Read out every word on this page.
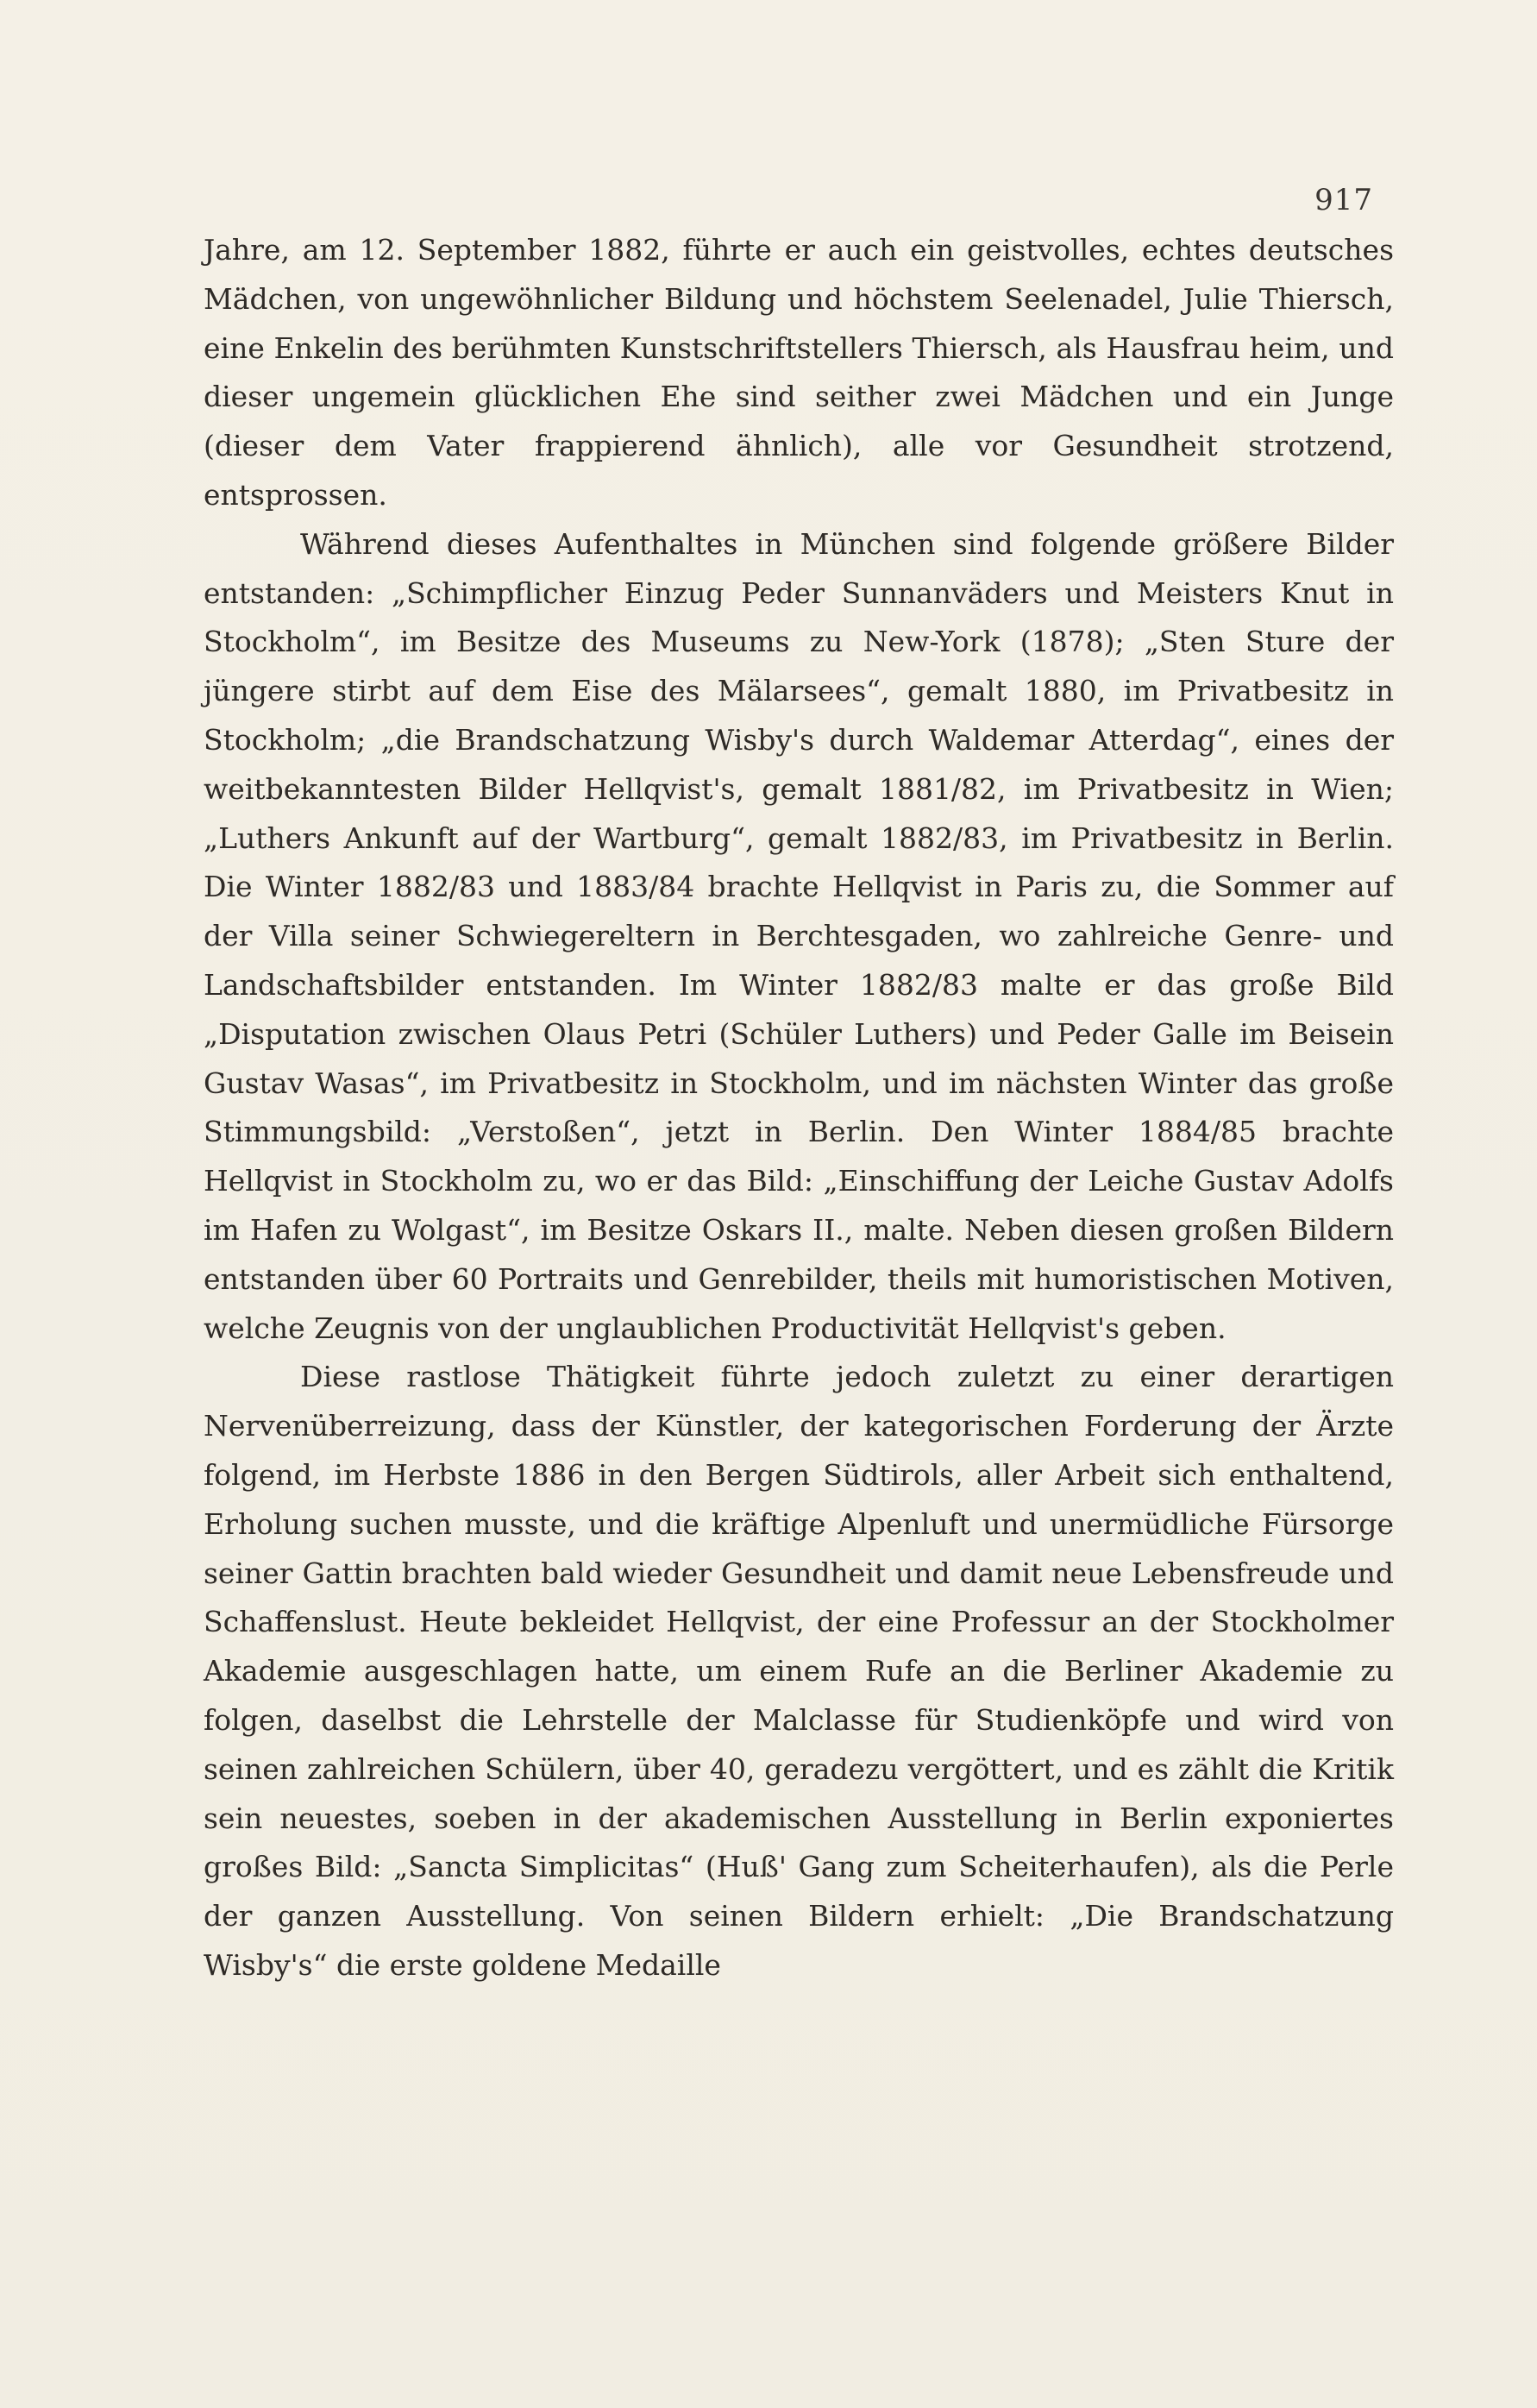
917

Jahre, am 12. September 1882, führte er auch ein geistvolles, echtes deutsches Mädchen, von ungewöhnlicher Bildung und höchstem Seelenadel, Julie Thiersch, eine Enkelin des berühmten Kunstschriftstellers Thiersch, als Hausfrau heim, und dieser ungemein glücklichen Ehe sind seither zwei Mädchen und ein Junge (dieser dem Vater frappierend ähnlich), alle vor Gesundheit strotzend, entsprossen.

Während dieses Aufenthaltes in München sind folgende größere Bilder entstanden: „Schimpflicher Einzug Peder Sunnanväders und Meisters Knut in Stockholm“, im Besitze des Museums zu New-York (1878); „Sten Sture der jüngere stirbt auf dem Eise des Mälarsees“, gemalt 1880, im Privatbesitz in Stockholm; „die Brandschatzung Wisby's durch Waldemar Atterdag“, eines der weitbekanntesten Bilder Hellqvist's, gemalt 1881/82, im Privatbesitz in Wien; „Luthers Ankunft auf der Wartburg“, gemalt 1882/83, im Privatbesitz in Berlin. Die Winter 1882/83 und 1883/84 brachte Hellqvist in Paris zu, die Sommer auf der Villa seiner Schwiegereltern in Berchtesgaden, wo zahlreiche Genre- und Landschaftsbilder entstanden. Im Winter 1882/83 malte er das große Bild „Disputation zwischen Olaus Petri (Schüler Luthers) und Peder Galle im Beisein Gustav Wasas“, im Privatbesitz in Stockholm, und im nächsten Winter das große Stimmungsbild: „Verstoßen“, jetzt in Berlin. Den Winter 1884/85 brachte Hellqvist in Stockholm zu, wo er das Bild: „Einschiffung der Leiche Gustav Adolfs im Hafen zu Wolgast“, im Besitze Oskars II., malte. Neben diesen großen Bildern entstanden über 60 Portraits und Genrebilder, theils mit humoristischen Motiven, welche Zeugnis von der unglaublichen Productivität Hellqvist's geben.

Diese rastlose Thätigkeit führte jedoch zuletzt zu einer derartigen Nervenüberreizung, dass der Künstler, der kategorischen Forderung der Ärzte folgend, im Herbste 1886 in den Bergen Südtirols, aller Arbeit sich enthaltend, Erholung suchen musste, und die kräftige Alpenluft und unermüdliche Fürsorge seiner Gattin brachten bald wieder Gesundheit und damit neue Lebensfreude und Schaffenslust. Heute bekleidet Hellqvist, der eine Professur an der Stockholmer Akademie ausgeschlagen hatte, um einem Rufe an die Berliner Akademie zu folgen, daselbst die Lehrstelle der Malclasse für Studienköpfe und wird von seinen zahlreichen Schülern, über 40, geradezu vergöttert, und es zählt die Kritik sein neuestes, soeben in der akademischen Ausstellung in Berlin exponiertes großes Bild: „Sancta Simplicitas“ (Huß' Gang zum Scheiterhaufen), als die Perle der ganzen Ausstellung. Von seinen Bildern erhielt: „Die Brandschatzung Wisby's“ die erste goldene Medaille
